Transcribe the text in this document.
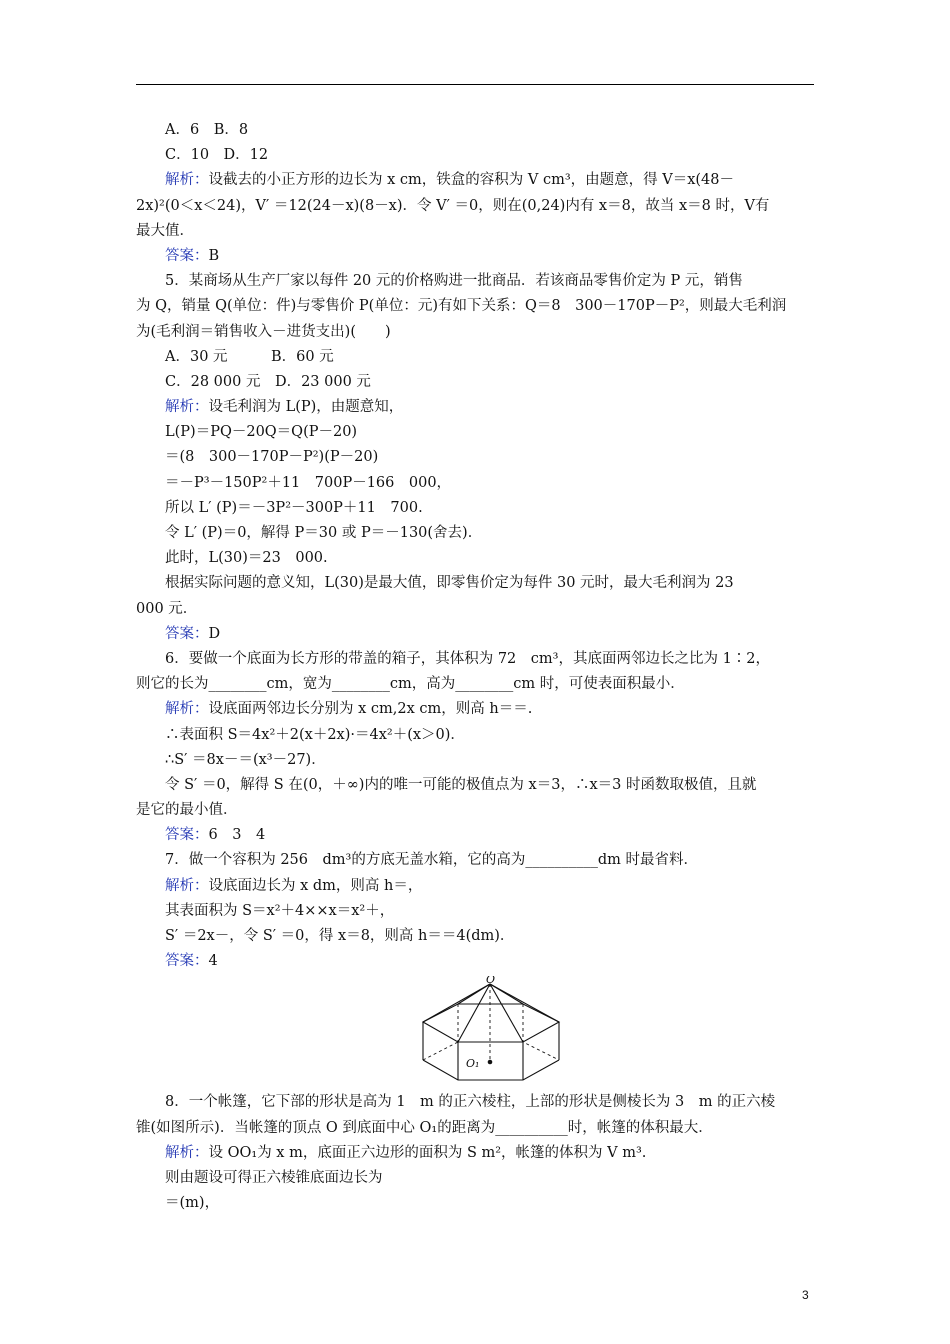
A．6　B．8
C．10　D．12
解析：设截去的小正方形的边长为 x cm，铁盒的容积为 V cm³，由题意，得 V＝x(48－
2x)²(0＜x＜24)，V′ ＝12(24－x)(8－x)．令 V′ ＝0，则在(0,24)内有 x＝8，故当 x＝8 时，V有
最大值．
答案：B
5．某商场从生产厂家以每件 20 元的价格购进一批商品．若该商品零售价定为 P 元，销售
为 Q，销量 Q(单位：件)与零售价 P(单位：元)有如下关系：Q＝8　300－170P－P²，则最大毛利润
为(毛利润＝销售收入－进货支出)(　　)
A．30 元　　　B．60 元
C．28 000 元　D．23 000 元
解析：设毛利润为 L(P)，由题意知，
L(P)＝PQ－20Q＝Q(P－20)
＝(8　300－170P－P²)(P－20)
＝－P³－150P²＋11　700P－166　000，
所以 L′ (P)＝－3P²－300P＋11　700.
令 L′ (P)＝0，解得 P＝30 或 P＝－130(舍去)．
此时，L(30)＝23　000.
根据实际问题的意义知，L(30)是最大值，即零售价定为每件 30 元时，最大毛利润为 23
000 元．
答案：D
6．要做一个底面为长方形的带盖的箱子，其体积为 72　cm³，其底面两邻边长之比为 1∶2，
则它的长为________cm，宽为________cm，高为________cm 时，可使表面积最小．
解析：设底面两邻边长分别为 x cm,2x cm，则高 h＝＝.
∴表面积 S＝4x²＋2(x＋2x)·＝4x²＋(x＞0)．
∴S′ ＝8x－＝(x³－27)．
令 S′ ＝0，解得 S 在(0，＋∞)内的唯一可能的极值点为 x＝3，∴x＝3 时函数取极值，且就
是它的最小值．
答案：6　3　4
7．做一个容积为 256　dm³的方底无盖水箱，它的高为__________dm 时最省料．
解析：设底面边长为 x dm，则高 h＝，
其表面积为 S＝x²＋4××x＝x²＋，
S′ ＝2x－，令 S′ ＝0，得 x＝8，则高 h＝＝4(dm)．
答案：4
O
O₁
8．一个帐篷，它下部的形状是高为 1　m 的正六棱柱，上部的形状是侧棱长为 3　m 的正六棱
锥(如图所示)．当帐篷的顶点 O 到底面中心 O₁的距离为__________时，帐篷的体积最大．
解析：设 OO₁为 x m，底面正六边形的面积为 S m²，帐篷的体积为 V m³.
则由题设可得正六棱锥底面边长为
＝(m)，
3
